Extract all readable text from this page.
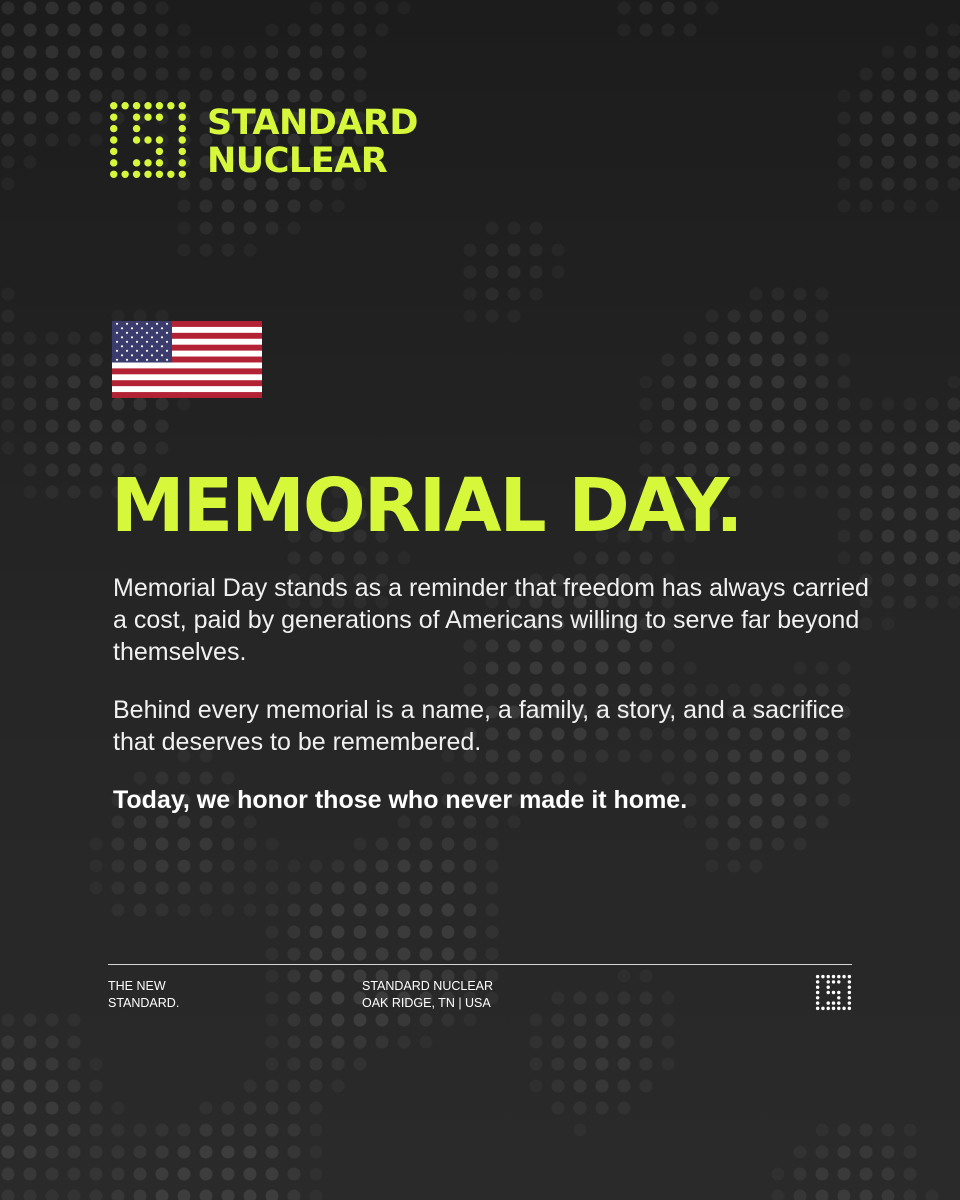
STANDARD
NUCLEAR
MEMORIAL DAY.

Memorial Day stands as a reminder that freedom has always carried a cost, paid by generations of Americans willing to serve far beyond themselves.

Behind every memorial is a name, a family, a story, and a sacrifice that deserves to be remembered.

Today, we honor those who never made it home.

THE NEW
STANDARD.
STANDARD NUCLEAR
OAK RIDGE, TN | USA
